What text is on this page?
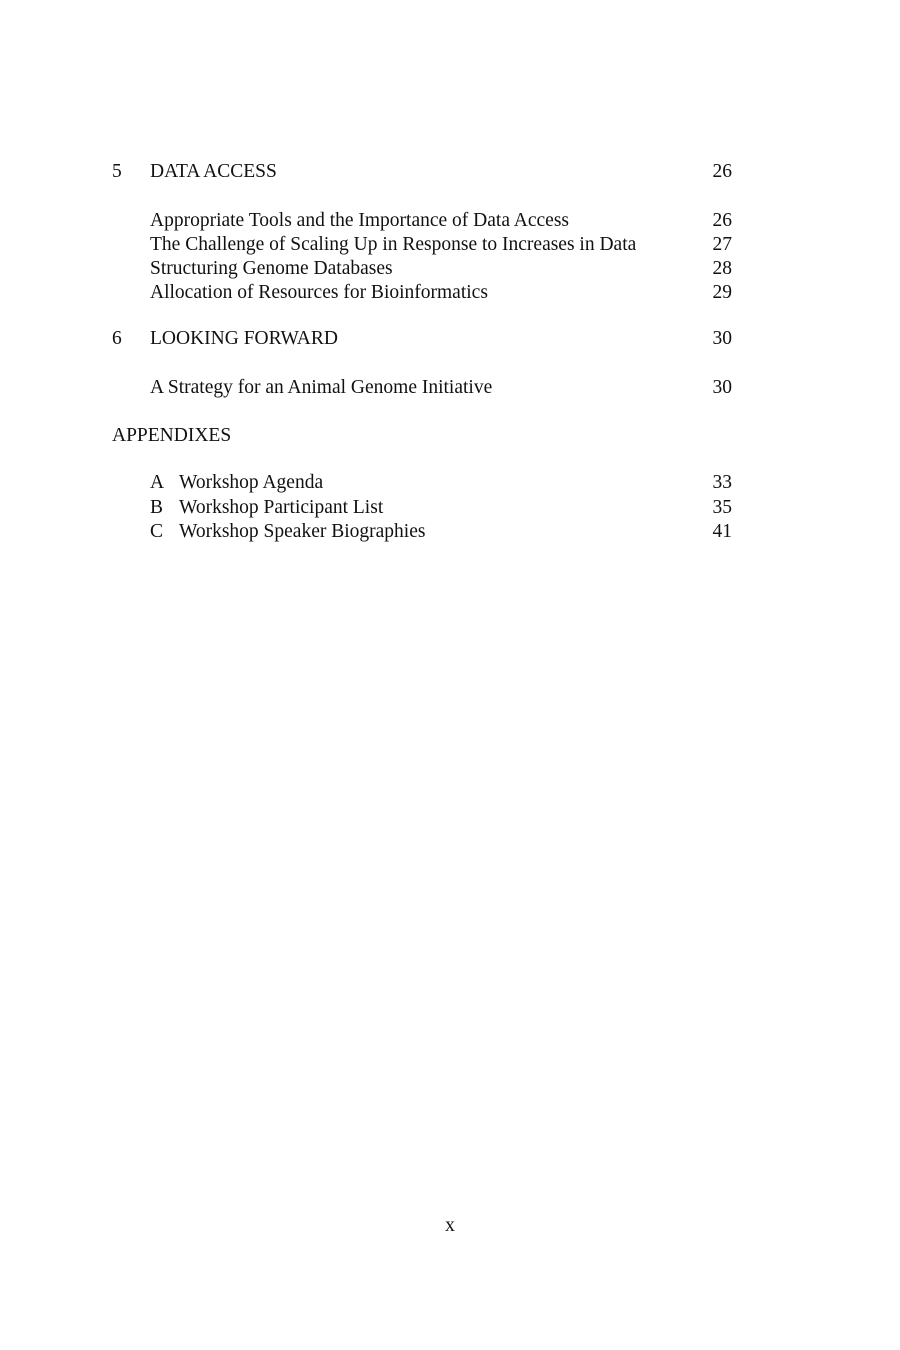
5 DATA ACCESS	26
Appropriate Tools and the Importance of Data Access	26
The Challenge of Scaling Up in Response to Increases in Data	27
Structuring Genome Databases	28
Allocation of Resources for Bioinformatics	29
6 LOOKING FORWARD	30
A Strategy for an Animal Genome Initiative	30
APPENDIXES
A Workshop Agenda	33
B Workshop Participant List	35
C Workshop Speaker Biographies	41
x
